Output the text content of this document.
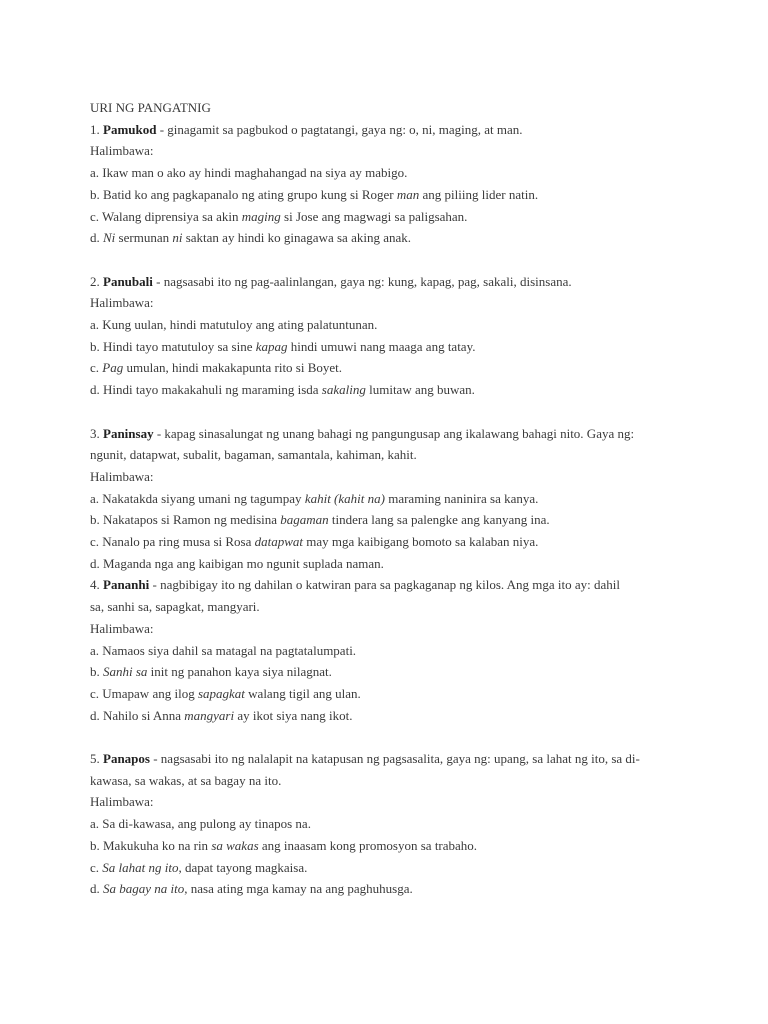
URI NG PANGATNIG
1. Pamukod - ginagamit sa pagbukod o pagtatangi, gaya ng: o, ni, maging, at man.
Halimbawa:
a. Ikaw man o ako ay hindi maghahangad na siya ay mabigo.
b. Batid ko ang pagkapanalo ng ating grupo kung si Roger man ang piliing lider natin.
c. Walang diprensiya sa akin maging si Jose ang magwagi sa paligsahan.
d. Ni sermunan ni saktan ay hindi ko ginagawa sa aking anak.
2. Panubali - nagsasabi ito ng pag-aalinlangan, gaya ng: kung, kapag, pag, sakali, disinsana.
Halimbawa:
a. Kung uulan, hindi matutuloy ang ating palatuntunan.
b. Hindi tayo matutuloy sa sine kapag hindi umuwi nang maaga ang tatay.
c. Pag umulan, hindi makakapunta rito si Boyet.
d. Hindi tayo makakahuli ng maraming isda sakaling lumitaw ang buwan.
3. Paninsay - kapag sinasalungat ng unang bahagi ng pangungusap ang ikalawang bahagi nito. Gaya ng:
ngunit, datapwat, subalit, bagaman, samantala, kahiman, kahit.
Halimbawa:
a. Nakatakda siyang umani ng tagumpay kahit (kahit na) maraming naninira sa kanya.
b. Nakatapos si Ramon ng medisina bagaman tindera lang sa palengke ang kanyang ina.
c. Nanalo pa ring musa si Rosa datapwat may mga kaibigang bomoto sa kalaban niya.
d. Maganda nga ang kaibigan mo ngunit suplada naman.
4. Pananhi - nagbibigay ito ng dahilan o katwiran para sa pagkaganap ng kilos. Ang mga ito ay: dahil
sa, sanhi sa, sapagkat, mangyari.
Halimbawa:
a. Namaos siya dahil sa matagal na pagtatalumpati.
b. Sanhi sa init ng panahon kaya siya nilagnat.
c. Umapaw ang ilog sapagkat walang tigil ang ulan.
d. Nahilo si Anna mangyari ay ikot siya nang ikot.
5. Panapos - nagsasabi ito ng nalalapit na katapusan ng pagsasalita, gaya ng: upang, sa lahat ng ito, sa di-
kawasa, sa wakas, at sa bagay na ito.
Halimbawa:
a. Sa di-kawasa, ang pulong ay tinapos na.
b. Makukuha ko na rin sa wakas ang inaasam kong promosyon sa trabaho.
c. Sa lahat ng ito, dapat tayong magkaisa.
d. Sa bagay na ito, nasa ating mga kamay na ang paghuhusga.
